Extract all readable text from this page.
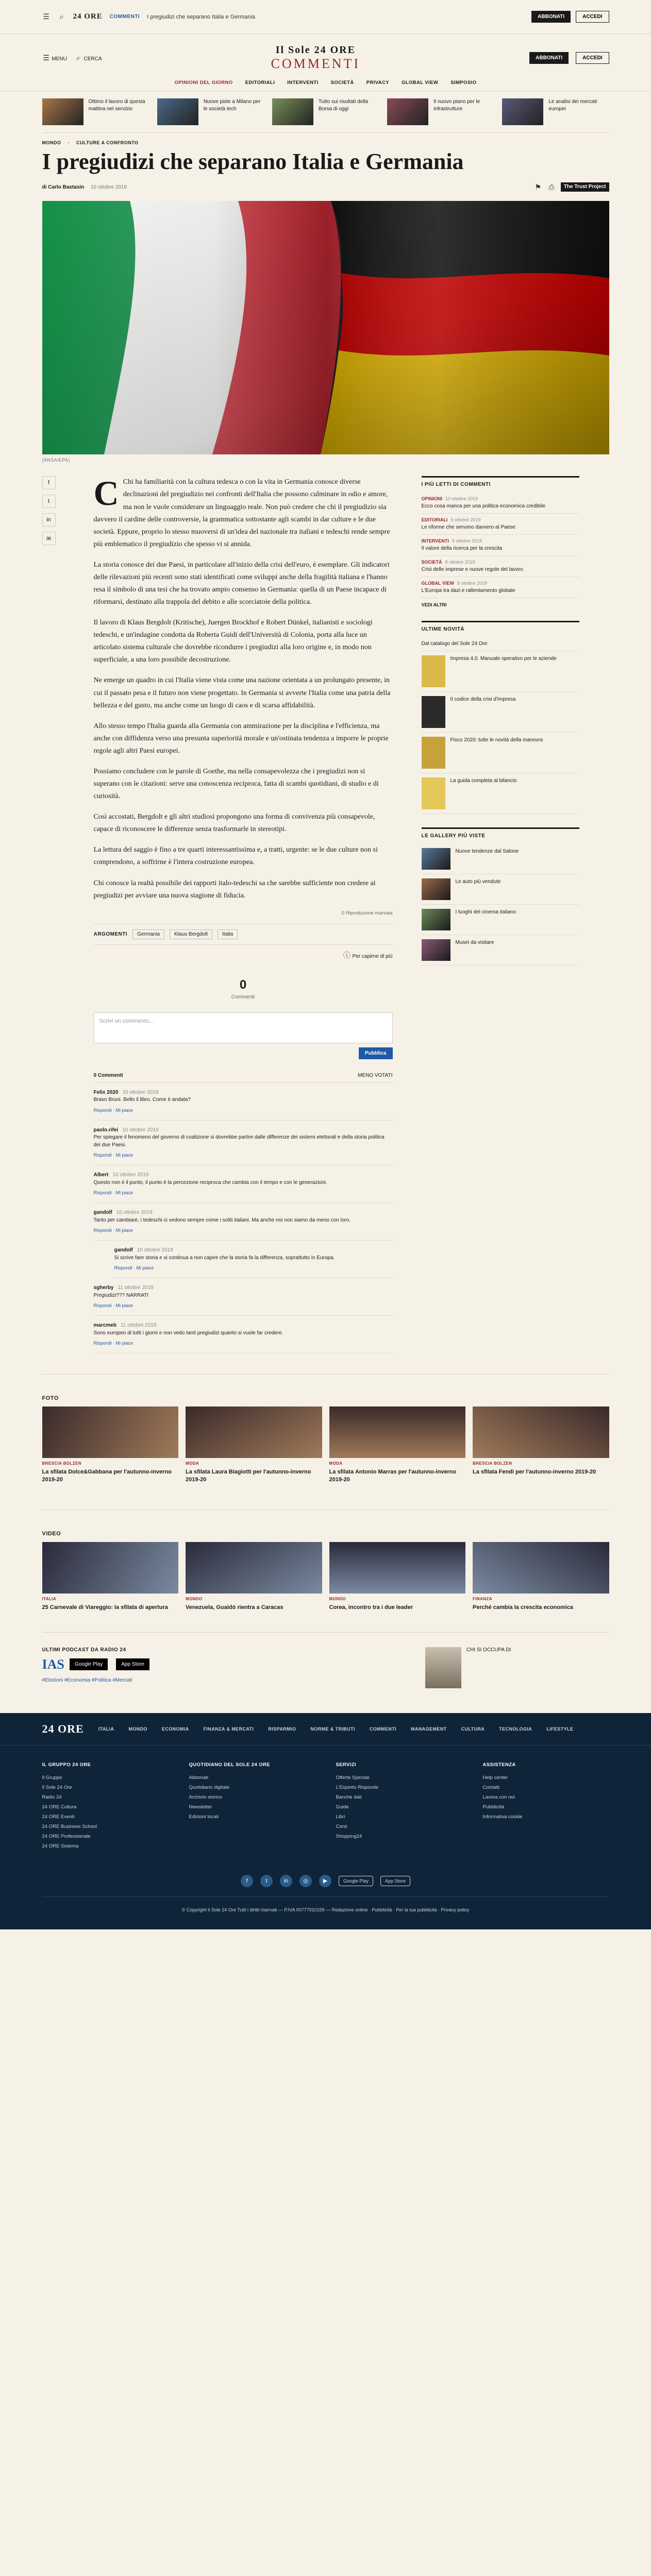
☰ ⌕ 24 ORE COMMENTI I pregiudizi che separano Italia e Germania	ABBONATI	ACCEDI
☰ MENU ⌕ CERCA
Il Sole 24 ORE
COMMENTI	ABBONATI	ACCEDI
OPINIONI DEL GIORNO	EDITORIALI	INTERVENTI	SOCIETÀ	PRIVACY	GLOBAL VIEW	SIMPOSIO
Ottimo il lavoro di questa mattina nel servizio
Nuove piste a Milano per le società tech
Tutto sui risultati della Borsa di oggi
Il nuovo piano per le infrastrutture
Le analisi dei mercati europei
MONDO · CULTURE A CONFRONTO
I pregiudizi che separano Italia e Germania
di Carlo Bastasin 10 ottobre 2019	⚑ ⎙	The Trust Project
(ANSA/EPA)
f
t
in
✉

C Chi ha familiarità con la cultura tedesca o con la vita in Germania conosce diverse declinazioni del pregiudizio nei confronti dell'Italia che possono culminare in odio e amore, ma non le vuole considerare un linguaggio reale. Non può credere che chi il pregiudizio sia davvero il cardine delle controversie, la grammatica sottostante agli scambi in dar culture e le due società. Eppure, proprio lo stesso muoversi di un'idea del nazionale tra italiani e tedeschi rende sempre più emblematico il pregiudizio che spesso vi si annida.

La storia conosce dei due Paesi, in particolare all'inizio della crisi dell'euro, è esemplare. Gli indicatori delle rilevazioni più recenti sono stati identificati come sviluppi anche della fragilità italiana e l'hanno resa il simbolo di una tesi che ha trovato ampio consenso in Germania: quella di un Paese incapace di riformarsi, destinato alla trappola del debito e alle scorciatoie della politica.

Il lavoro di Klaus Bergdolt (Kritische), Juergen Brockhof e Robert Dünkel, italianisti e sociologi tedeschi, e un'indagine condotta da Roberta Guidi dell'Università di Colonia, porta alla luce un articolato sistema culturale che dovrebbe ricondurre i pregiudizi alla loro origine e, in modo non superficiale, a una loro possibile decostruzione.

Ne emerge un quadro in cui l'Italia viene vista come una nazione orientata a un prolungato presente, in cui il passato pesa e il futuro non viene progettato. In Germania si avverte l'Italia come una patria della bellezza e del gusto, ma anche come un luogo di caos e di scarsa affidabilità.

Allo stesso tempo l'Italia guarda alla Germania con ammirazione per la disciplina e l'efficienza, ma anche con diffidenza verso una presunta superiorità morale e un'ostinata tendenza a imporre le proprie regole agli altri Paesi europei.

Possiamo concludere con le parole di Goethe, ma nella consapevolezza che i pregiudizi non si superano con le citazioni: serve una conoscenza reciproca, fatta di scambi quotidiani, di studio e di curiosità.

Così accostati, Bergdolt e gli altri studiosi propongono una forma di convivenza più consapevole, capace di riconoscere le differenze senza trasformarle in stereotipi.

La lettura del saggio è fino a tre quarti interessantissima e, a tratti, urgente: se le due culture non si comprendono, a soffrirne è l'intera costruzione europea.

Chi conosce la realtà possibile dei rapporti italo-tedeschi sa che sarebbe sufficiente non credere ai pregiudizi per avviare una nuova stagione di fiducia.

© Riproduzione riservata
ARGOMENTI	Germania	Klaus Bergdolt	Italia
ⓘ Per capirne di più
0
Commenti
Scrivi un commento...
Pubblica
0 Commenti	MENO VOTATI
Felix 2020 10 ottobre 2019
Bravo Bruni. Bello il libro. Come è andata?
Rispondi · Mi piace
paolo.rifei 10 ottobre 2019
Per spiegare il fenomeno del governo di coalizione si dovrebbe partire dalle differenze dei sistemi elettorali e della storia politica dei due Paesi.
Rispondi · Mi piace
Albert 10 ottobre 2019
Questo non è il punto, il punto è la percezione reciproca che cambia con il tempo e con le generazioni.
Rispondi · Mi piace
gandolf 10 ottobre 2019
Tanto per cambiare, i tedeschi ci vedono sempre come i soliti italiani. Ma anche noi non siamo da meno con loro.
Rispondi · Mi piace
gandolf 10 ottobre 2019
Si scrive fare storia e si continua a non capire che la storia fa la differenza, soprattutto in Europa.
Rispondi · Mi piace
sgherby 11 ottobre 2019
Pregiudizi??? NARRATI
Rispondi · Mi piace
marcmeb 11 ottobre 2019
Sono europeo di tutti i giorni e non vedo tanti pregiudizi quanto si vuole far credere.
Rispondi · Mi piace
I PIÙ LETTI DI COMMENTI
OPINIONI 10 ottobre 2019
Ecco cosa manca per una politica economica credibile
EDITORIALI 9 ottobre 2019
Le riforme che servono davvero al Paese
INTERVENTI 9 ottobre 2019
Il valore della ricerca per la crescita
SOCIETÀ 8 ottobre 2019
Crisi delle imprese e nuove regole del lavoro
GLOBAL VIEW 8 ottobre 2019
L'Europa tra dazi e rallentamento globale
VEDI ALTRI
ULTIME NOVITÀ
Dal catalogo del Sole 24 Ore
Impresa 4.0. Manuale operativo per le aziende
Il codice della crisi d'impresa
Fisco 2020: tutte le novità della manovra
La guida completa al bilancio
LE GALLERY PIÙ VISTE
Nuove tendenze dal Salone
Le auto più vendute
I luoghi del cinema italiano
Musei da visitare
FOTO
BRESCIA BOLZEN
La sfilata Dolce&Gabbana per l'autunno-inverno 2019-20
MODA
La sfilata Laura Biagiotti per l'autunno-inverno 2019-20
MODA
La sfilata Antonio Marras per l'autunno-inverno 2019-20
BRESCIA BOLZEN
La sfilata Fendi per l'autunno-inverno 2019-20
VIDEO
ITALIA
25 Carnevale di Viareggio: la sfilata di apertura
MONDO
Venezuela, Guaidó rientra a Caracas
MONDO
Corea, incontro tra i due leader
FINANZA
Perché cambia la crescita economica
ULTIMI PODCAST DA RADIO 24
IAS	Google Play	App Store
#Elezioni #Economia #Politica #Mercati
CHI SI OCCUPA DI
24 ORE	ITALIA	MONDO	ECONOMIA	FINANZA & MERCATI	RISPARMIO	NORME & TRIBUTI	COMMENTI	MANAGEMENT	CULTURA	TECNOLOGIA	LIFESTYLE
IL GRUPPO 24 ORE
Il Gruppo
Il Sole 24 Ore
Radio 24
24 ORE Cultura
24 ORE Eventi
24 ORE Business School
24 ORE Professionale
24 ORE Sistema
QUOTIDIANO DEL SOLE 24 ORE
Abbonati
Quotidiano digitale
Archivio storico
Newsletter
Edizioni locali
SERVIZI
Offerte Speciali
L'Esperto Risponde
Banche dati
Guide
Libri
Corsi
Shopping24
ASSISTENZA
Help center
Contatti
Lavora con noi
Pubblicità
Informativa cookie
f	t	in	◎	▶	Google Play	App Store
© Copyright Il Sole 24 Ore Tutti i diritti riservati — P.IVA 00777910159 — Redazione online · Pubblicità · Per la tua pubblicità · Privacy policy
